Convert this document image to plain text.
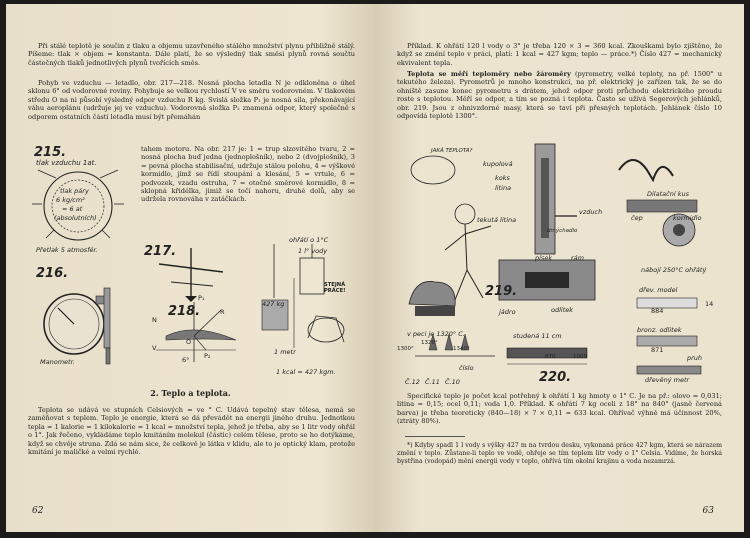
Při stálé teplotě je součin z tlaku a objemu uzavřeného stálého množství plynu přibližně stálý. Píšeme: tlak × objem = konstanta. Dále platí, že se výsledný tlak směsi plynů rovná součtu částečných tlaků jednotlivých plynů tvořících směs.

Pohyb ve vzduchu — letadlo, obr. 217—218. Nosná plocha letadla N je odkloněna o úhel sklonu 6° od vodorovné roviny. Pohybuje se velkou rychlostí V ve směru vodorovném. V tlakovém středu O na ni působí výsledný odpor vzduchu R kg. Svislá složka P₁ je nosná síla, překonávající váhu aeroplánu (udržuje jej ve vzduchu). Vodorovná složka P₂ znamená odpor, který společně s odporem ostatních částí letadla musí být přemáhán

tahem motoru. Na obr. 217 je: 1 = trup slzovitého tvaru, 2 = nosná plocha buď jedna (jednoplošník), nebo 2 (dvojplošník), 3 = pevná plocha stabilisační, udržuje stálou polohu, 4 = výškové kormidlo, jímž se řídí stoupání a klesání, 5 = vrtule, 6 = podvozek, vzadu ostruha, 7 = otočné směrové kormidlo, 8 = sklopná křidélka, jimiž se točí nahoru, druhé dolů, aby se udržela rovnováha v zatáčkách.

215.
tlak vzduchu 1at.
tlak páry
6 kg/cm²
= 6 at
(absolutních)
Přetlak 5 atmosfér.
216.
Manometr.
217.
218.
N
R
P₁
P₂
O
V
6°
ohřátí o 1°C
1 l° vody
427 kg
1 metr
STEJNÁ PRÁCE!
1 kcal = 427 kgm.
2. Teplo a teplota.

Teplota se udává ve stupních Celsiových = ve ° C. Udává tepelný stav tělesa, nemá se zaměňovat s teplem. Teplo je energie, která se dá převádět na energii jiného druhu. Jednotkou tepla = 1 kalorie = 1 kilokalorie = 1 kcal = množství tepla, jehož je třeba, aby se 1 litr vody ohřál o 1°. Jak řečeno, vykládáme teplo kmitáním molekul (částic) celém tělese, proto se ho dotýkáme, když se chvěje struna. Zdá se nám sice, že celkově je látka v klidu, ale to je optický klam, protože kmitání je maličké a velmi rychlé.

62

Příklad. K ohřátí 120 l vody o 3° je třeba 120 × 3 = 360 kcal. Zkouškami bylo zjištěno, že když se změní teplo v práci, platí: 1 kcal = 427 kgm; teplo — práce.*) Číslo 427 = mechanický ekvivalent tepla.

Teplota se měří teploměry nebo žároměry (pyrometry, velké teploty, na př. 1500° u tekutého železa). Pyrometrů je mnoho konstrukcí, na př. elektrický je zařízen tak, že se do ohniště zasune konec pyrometru s drátem, jehož odpor proti průchodu elektrického proudu roste s teplotou. Měří se odpor, a tím se pozná i teplota. Často se užívá Segerových jehlánků, obr. 219. Jsou z ohnivzdorné masy, která se taví při přesných teplotách. Jehlánek číslo 10 odpovídá teplotě 1300°.

JAKÁ TEPLOTA?
kupolová
koks
litina
tekutá litina
vzduch
dmýchadlo
písek	rám
jádro	odlitek
219.
v peci je 1320° C.
1300°
1320°
1340°
číslo
Č.12 Č.11 Č.10
studená 11 cm
870	1000
220.
Dilatační kus
čep	kormidlo
nábojí 250°C ohřátý
dřev. model
884
14
bronz. odlitek
871
pruh
dřevěný metr

Specifické teplo je počet kcal potřebný k ohřátí 1 kg hmoty o 1° C. Je na př.: olovo = 0,031; litina = 0,15; ocel 0,11; voda 1,0. Příklad. K ohřátí 7 kg oceli z 18° na 840° (jasně červená barva) je třeba teoreticky (840—18) × 7 × 0,11 = 633 kcal. Ohřívač výhně má účinnost 20%, (ztráty 80%).

*) Kdyby spadl 1 l vody s výšky 427 m na tvrdou desku, vykonaná práce 427 kgm, která se nárazem změní v teplo. Zůstane-li teplo ve vodě, ohřeje se tím teplem litr vody o 1° Celsia. Vidíme, že horská bystřina (vodopád) mění energii vody v teplo, ohřívá tím okolní krajinu a voda nezamrzá.

63
